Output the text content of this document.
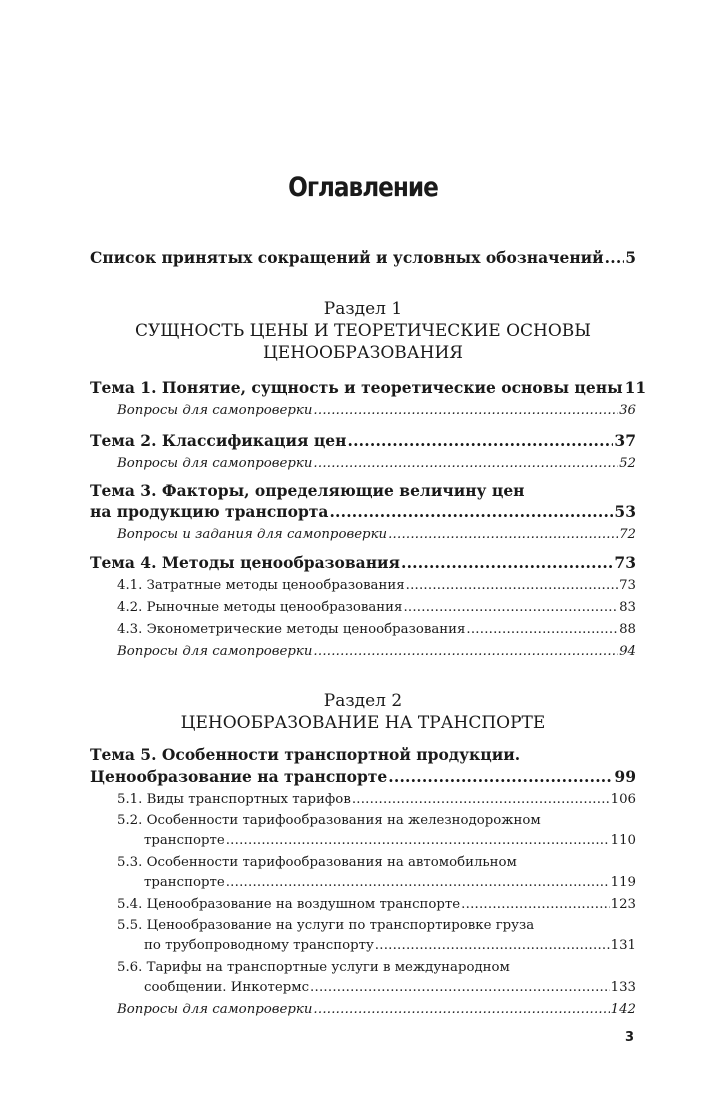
Оглавление
Список принятых сокращений и условных обозначений . . . 5
Тема 1. Понятие, сущность и теоретические основы цены 11
Вопросы для самопроверки . . .	36
Тема 2. Классификация цен . . .	37
Вопросы для самопроверки . . .	52
Тема 3. Факторы, определяющие величину цен
на продукцию транспорта . . .	53
Вопросы и задания для самопроверки . . .	72
Тема 4. Методы ценообразования . . .	73
4.1. Затратные методы ценообразования . . .	73
4.2. Рыночные методы ценообразования . . .	83
4.3. Эконометрические методы ценообразования . . .	88
Вопросы для самопроверки . . .	94
Тема 5. Особенности транспортной продукции.
Ценообразование на транспорте . . .	99
5.1. Виды транспортных тарифов . . .	106
5.2. Особенности тарифообразования на железнодорожном
транспорте . . .	110
5.3. Особенности тарифообразования на автомобильном
транспорте . . .	119
5.4. Ценообразование на воздушном транспорте . . .	123
5.5. Ценообразование на услуги по транспортировке груза
по трубопроводному транспорту . . .	131
5.6. Тарифы на транспортные услуги в международном
сообщении. Инкотермс . . .	133
Вопросы для самопроверки . . .	142
Раздел 1
СУЩНОСТЬ ЦЕНЫ И ТЕОРЕТИЧЕСКИЕ ОСНОВЫ
ЦЕНООБРАЗОВАНИЯ
Раздел 2
ЦЕНООБРАЗОВАНИЕ НА ТРАНСПОРТЕ
3
